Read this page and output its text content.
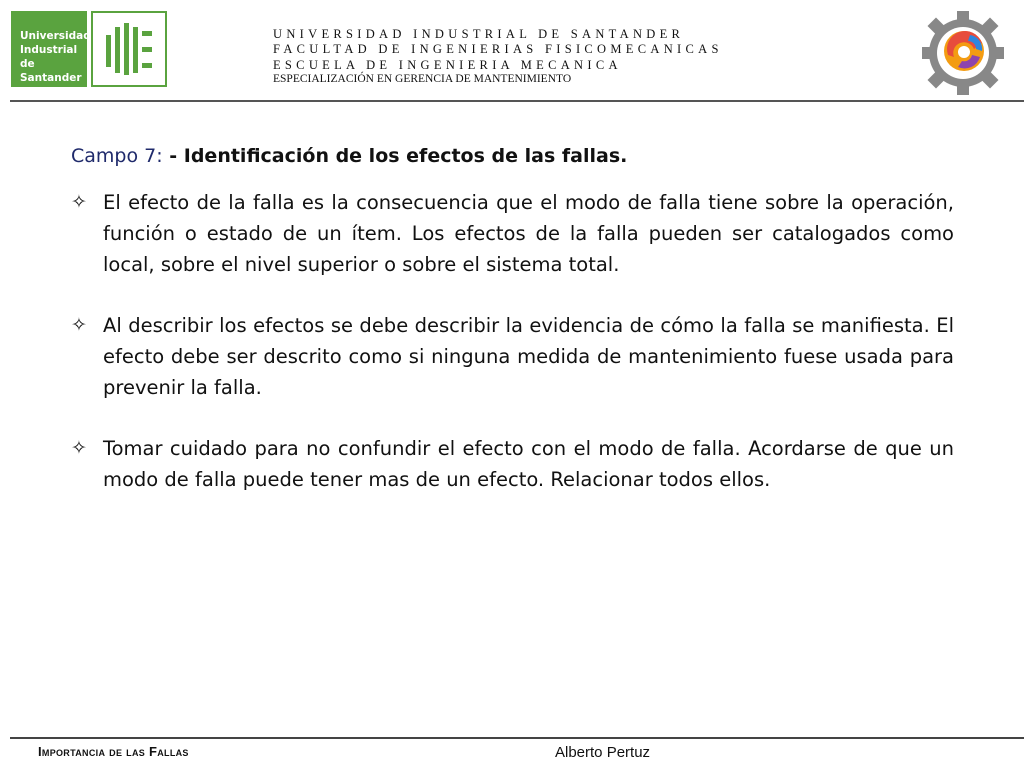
Universidad
Industrial de
Santander
UNIVERSIDAD INDUSTRIAL DE SANTANDER
FACULTAD DE INGENIERIAS FISICOMECANICAS
ESCUELA DE INGENIERIA MECANICA
ESPECIALIZACIÓN EN GERENCIA DE MANTENIMIENTO
Campo 7: - Identificación de los efectos de las fallas.
✧ El efecto de la falla es la consecuencia que el modo de falla tiene sobre la operación, función o estado de un ítem. Los efectos de la falla pueden ser catalogados como local, sobre el nivel superior o sobre el sistema total.
✧ Al describir los efectos se debe describir la evidencia de cómo la falla se manifiesta. El efecto debe ser descrito como si ninguna medida de mantenimiento fuese usada para prevenir la falla.
✧ Tomar cuidado para no confundir el efecto con el modo de falla. Acordarse de que un modo de falla puede tener mas de un efecto. Relacionar todos ellos.
Importancia de las Fallas	Alberto Pertuz
